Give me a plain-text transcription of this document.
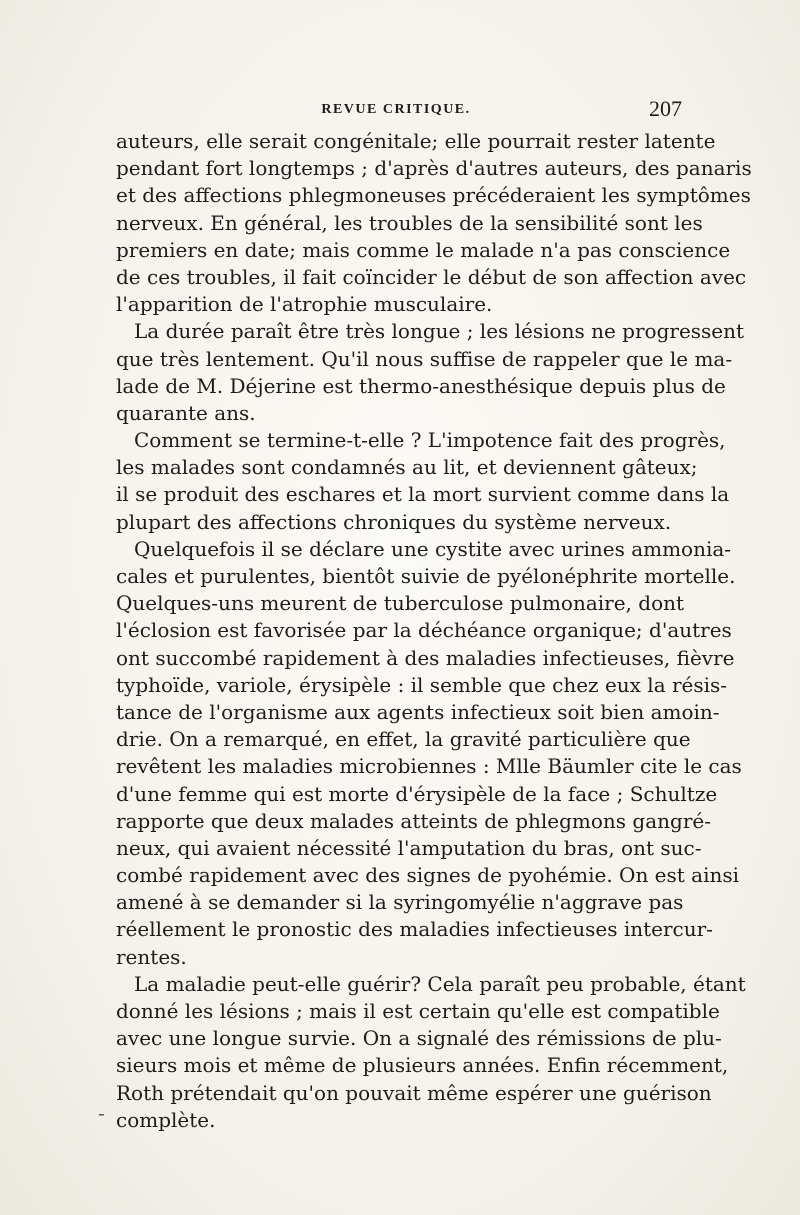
REVUE CRITIQUE.	207
auteurs, elle serait congénitale; elle pourrait rester latente
pendant fort longtemps ; d'après d'autres auteurs, des panaris
et des affections phlegmoneuses précéderaient les symptômes
nerveux. En général, les troubles de la sensibilité sont les
premiers en date; mais comme le malade n'a pas conscience
de ces troubles, il fait coïncider le début de son affection avec
l'apparition de l'atrophie musculaire.
La durée paraît être très longue ; les lésions ne progressent
que très lentement. Qu'il nous suffise de rappeler que le ma-
lade de M. Déjerine est thermo-anesthésique depuis plus de
quarante ans.
Comment se termine-t-elle ? L'impotence fait des progrès,
les malades sont condamnés au lit, et deviennent gâteux;
il se produit des eschares et la mort survient comme dans la
plupart des affections chroniques du système nerveux.
Quelquefois il se déclare une cystite avec urines ammonia-
cales et purulentes, bientôt suivie de pyélonéphrite mortelle.
Quelques-uns meurent de tuberculose pulmonaire, dont
l'éclosion est favorisée par la déchéance organique; d'autres
ont succombé rapidement à des maladies infectieuses, fièvre
typhoïde, variole, érysipèle : il semble que chez eux la résis-
tance de l'organisme aux agents infectieux soit bien amoin-
drie. On a remarqué, en effet, la gravité particulière que
revêtent les maladies microbiennes : Mlle Bäumler cite le cas
d'une femme qui est morte d'érysipèle de la face ; Schultze
rapporte que deux malades atteints de phlegmons gangré-
neux, qui avaient nécessité l'amputation du bras, ont suc-
combé rapidement avec des signes de pyohémie. On est ainsi
amené à se demander si la syringomyélie n'aggrave pas
réellement le pronostic des maladies infectieuses intercur-
rentes.
La maladie peut-elle guérir? Cela paraît peu probable, étant
donné les lésions ; mais il est certain qu'elle est compatible
avec une longue survie. On a signalé des rémissions de plu-
sieurs mois et même de plusieurs années. Enfin récemment,
Roth prétendait qu'on pouvait même espérer une guérison
complète.
-
